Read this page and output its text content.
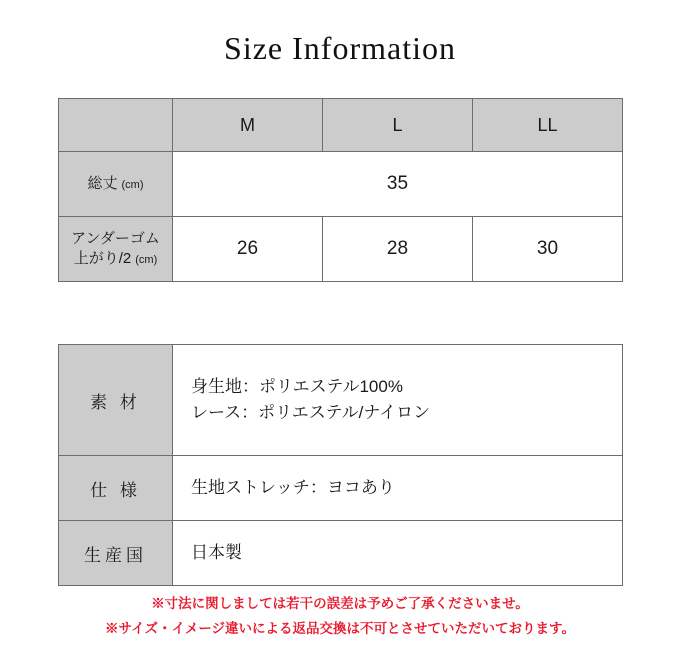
Size Information
	M	L	LL
総丈 (cm)	35		
アンダーゴム
上がり/2 (cm)	26	28	30
素 材	身生地：ポリエステル100%
レース：ポリエステル/ナイロン
仕 様	生地ストレッチ：ヨコあり
生産国	日本製
※寸法に関しましては若干の誤差は予めご了承くださいませ。
※サイズ・イメージ違いによる返品交換は不可とさせていただいております。
